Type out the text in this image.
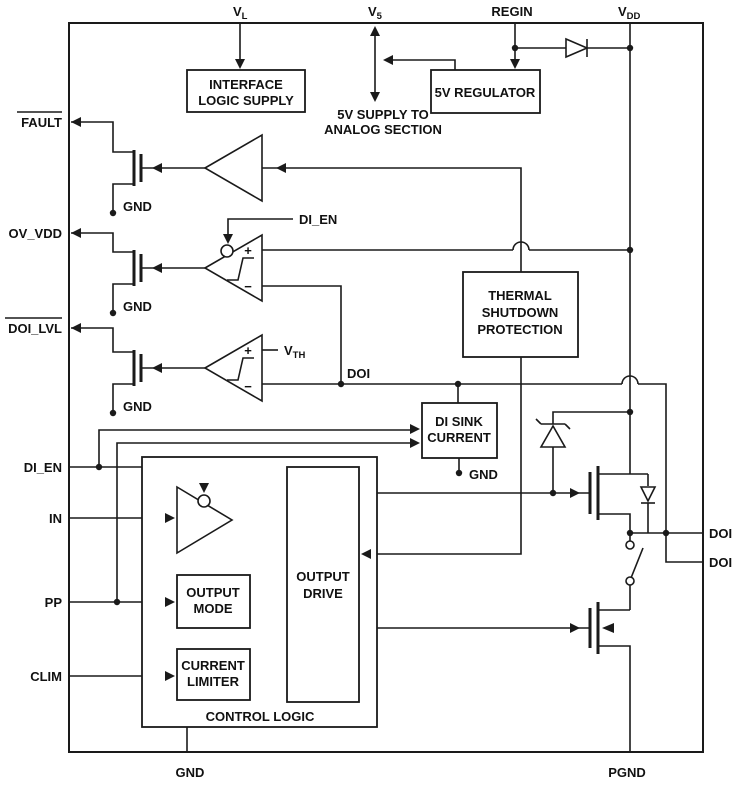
$V_L$	$V_5$	REGIN	$V_{DD}$
FAULT
OV_VDD
DOI_LVL
DI_EN
IN
PP
CLIM
DOI
DOI
GND	PGND
INTERFACE
LOGIC SUPPLY
5V REGULATOR
5V SUPPLY TO
ANALOG SECTION
THERMAL
SHUTDOWN
PROTECTION
DI SINK
CURRENT
OUTPUT
MODE
OUTPUT
DRIVE
CURRENT
LIMITER
CONTROL LOGIC
DOI
DI_EN
$V_{TH}$
GND
GND
GND
GND
+
−
+
−
